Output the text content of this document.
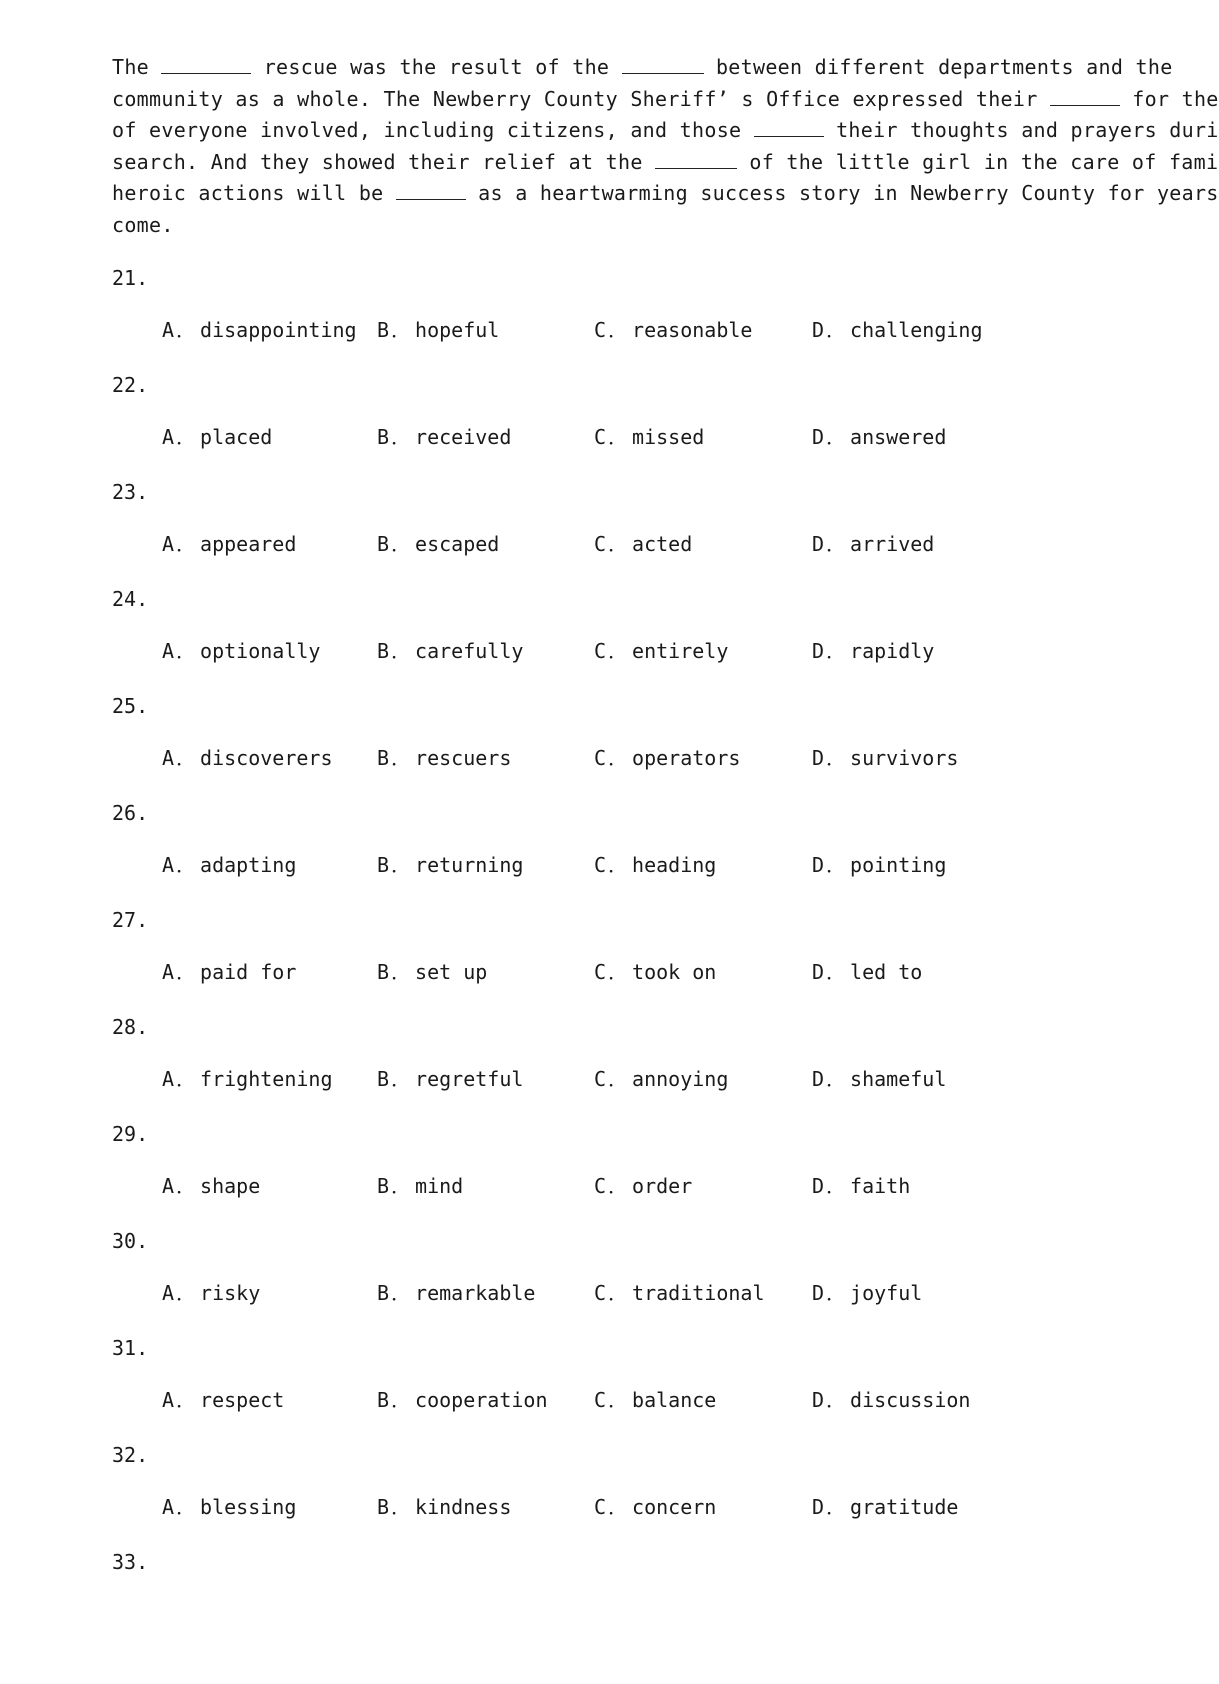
The	rescue was the result of the	between different departments and the
community as a whole. The Newberry County Sheriff’ s Office expressed their	for the
of everyone involved, including citizens, and those	their thoughts and prayers duri
search. And they showed their relief at the	of the little girl in the care of fami
heroic actions will be	as a heartwarming success story in Newberry County for years
come.
21.
A ． disappointing B ． hopeful	C ． reasonable	D ． challenging
22.
A ． placed	B ． received	C ． missed	D ． answered
23.
A ． appeared	B ． escaped	C ． acted	D ． arrived
24.
A ． optionally	B ． carefully	C ． entirely	D ． rapidly
25.
A ． discoverers B ． rescuers	C ． operators	D ． survivors
26.
A ． adapting	B ． returning	C ． heading	D ． pointing
27.
A ． paid for	B ． set up	C ． took on	D ． led to
28.
A ． frightening B ． regretful	C ． annoying	D ． shameful
29.
A ． shape	B ． mind	C ． order	D ． faith
30.
A ． risky	B ． remarkable	C ． traditional D ． joyful
31.
A ． respect	B ． cooperation C ． balance	D ． discussion
32.
A ． blessing	B ． kindness	C ． concern	D ． gratitude
33.
